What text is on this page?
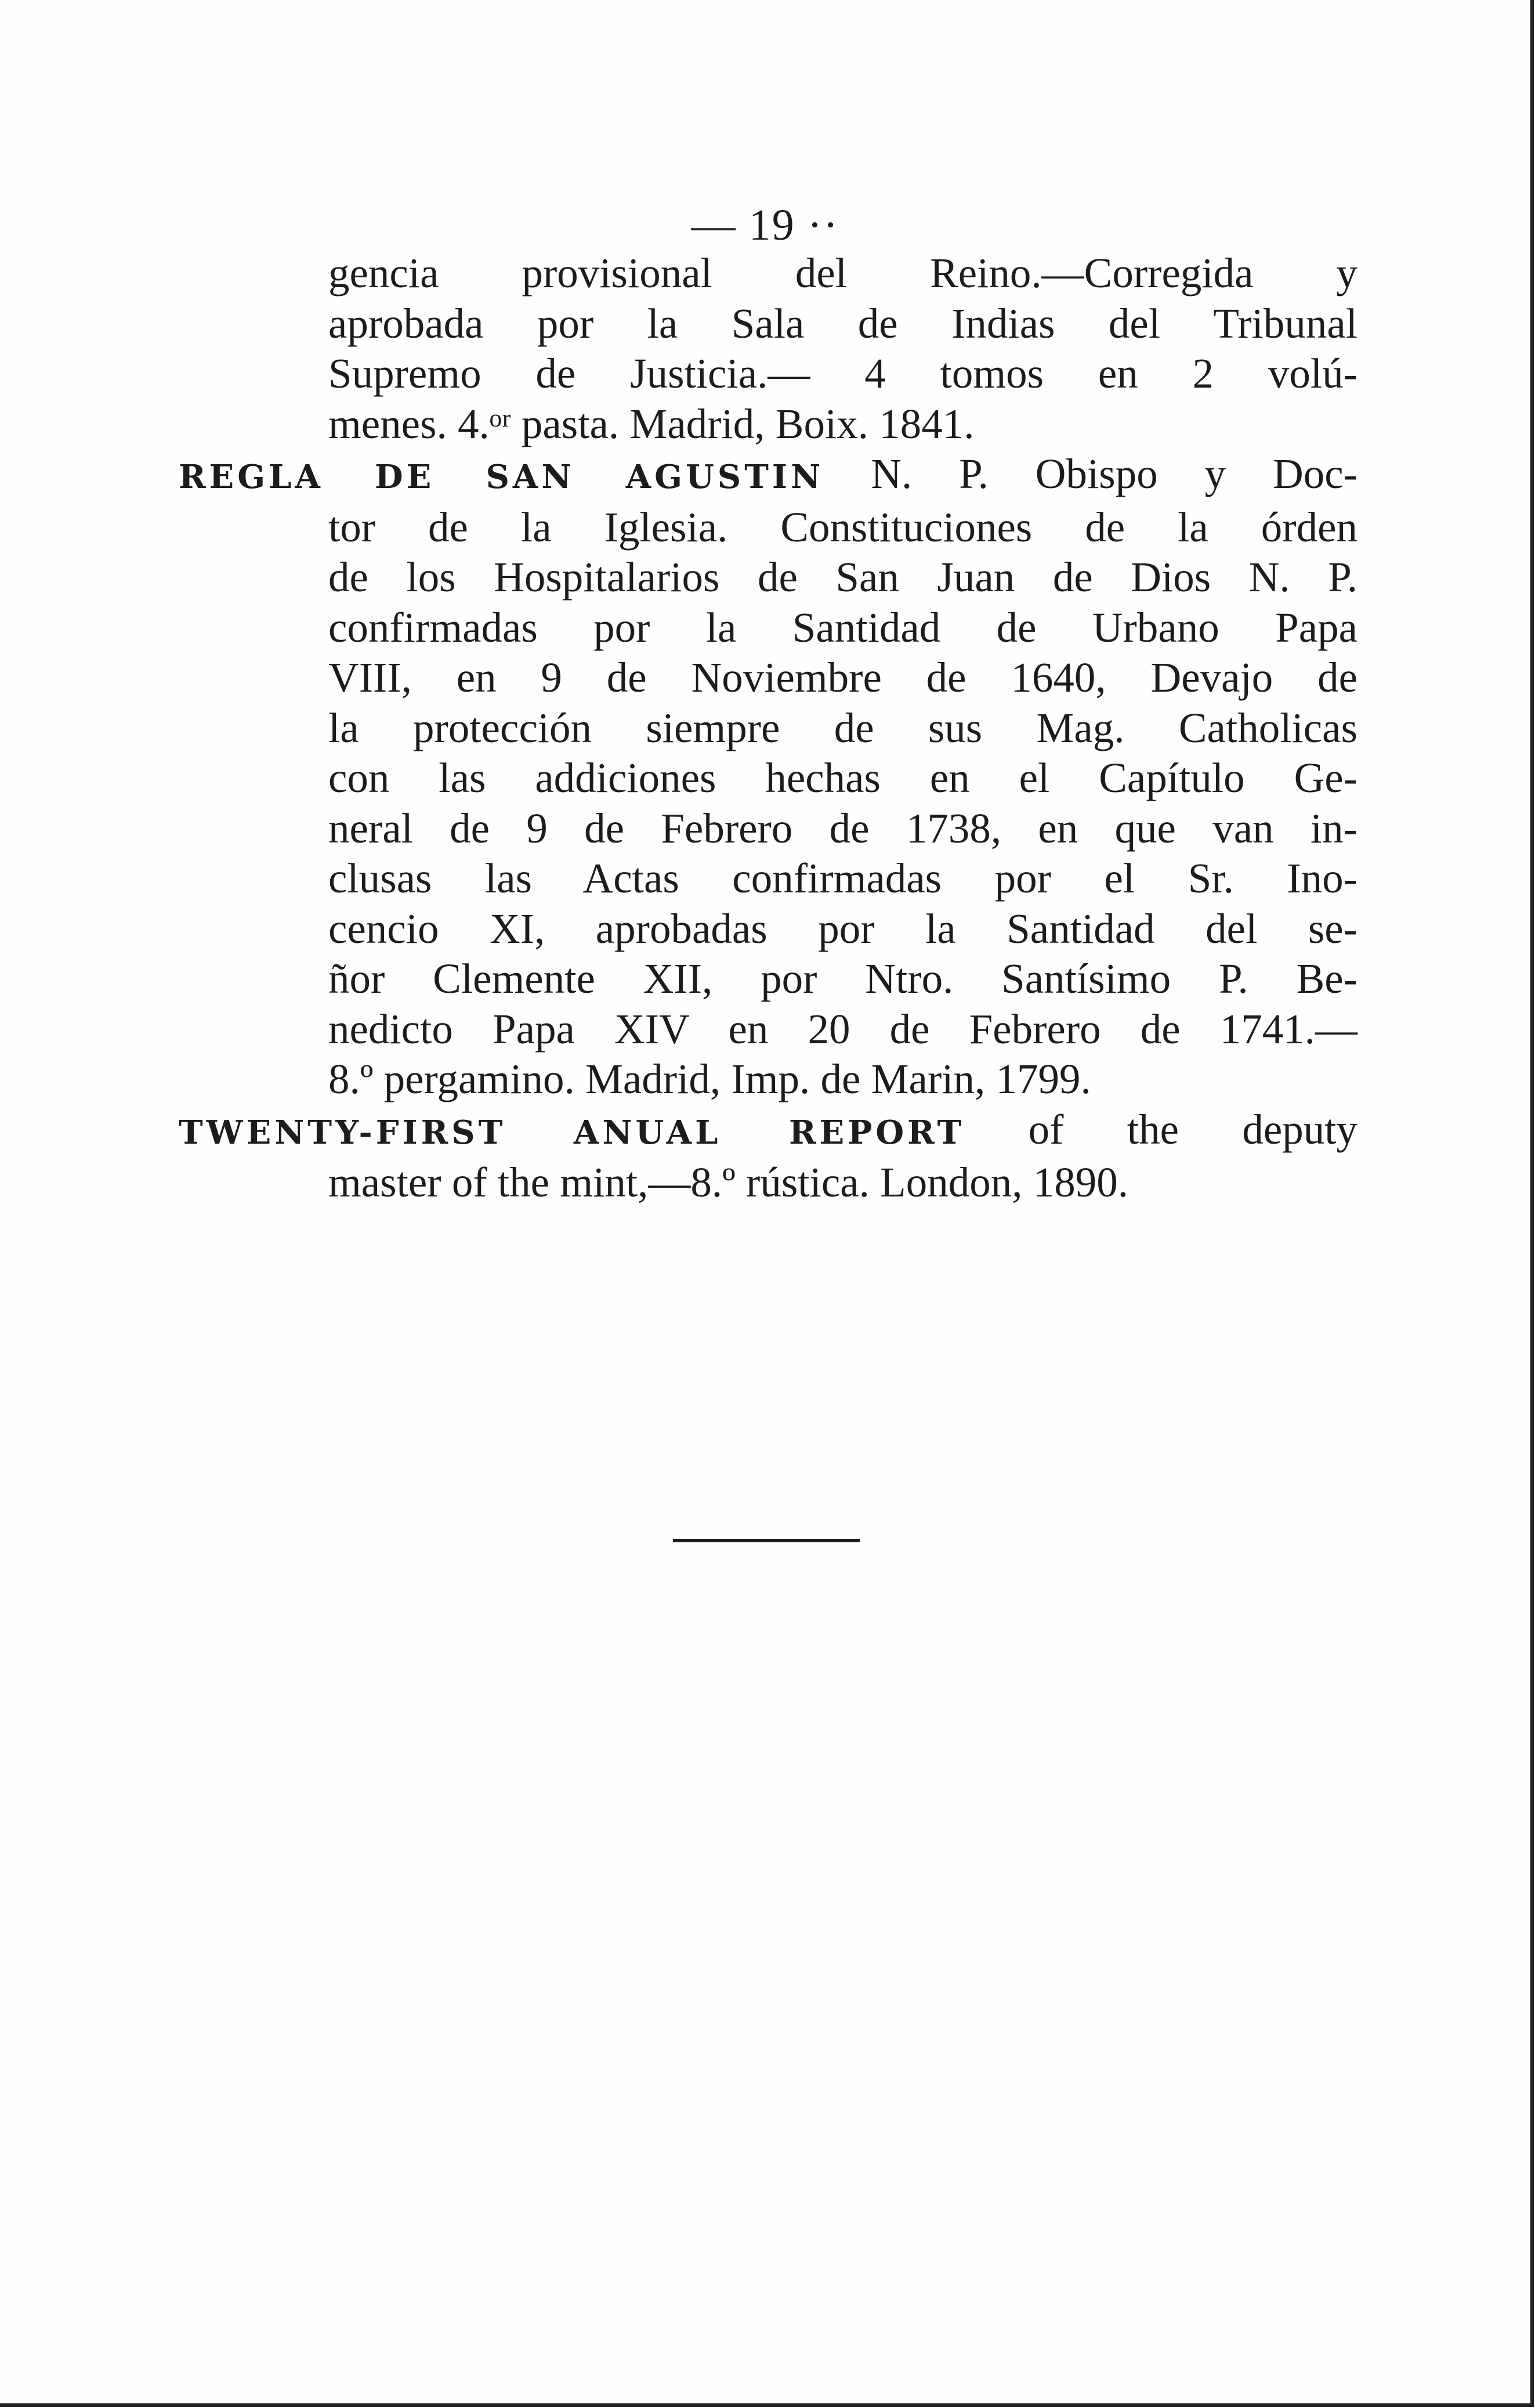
— 19 ··
gencia provisional del Reino.—Corregida y
aprobada por la Sala de Indias del Tribunal
Supremo de Justicia.— 4 tomos en 2 volú-
menes. 4.ᵒʳ pasta. Madrid, Boix. 1841.
REGLA DE SAN AGUSTIN N. P. Obispo y Doc-
tor de la Iglesia. Constituciones de la órden
de los Hospitalarios de San Juan de Dios N. P.
confirmadas por la Santidad de Urbano Papa
VIII, en 9 de Noviembre de 1640, Devajo de
la protección siempre de sus Mag. Catholicas
con las addiciones hechas en el Capítulo Ge-
neral de 9 de Febrero de 1738, en que van in-
clusas las Actas confirmadas por el Sr. Ino-
cencio XI, aprobadas por la Santidad del se-
ñor Clemente XII, por Ntro. Santísimo P. Be-
nedicto Papa XIV en 20 de Febrero de 1741.—
8.º pergamino. Madrid, Imp. de Marin, 1799.
TWENTY-FIRST ANUAL REPORT of the deputy
master of the mint,—8.º rústica. London, 1890.
